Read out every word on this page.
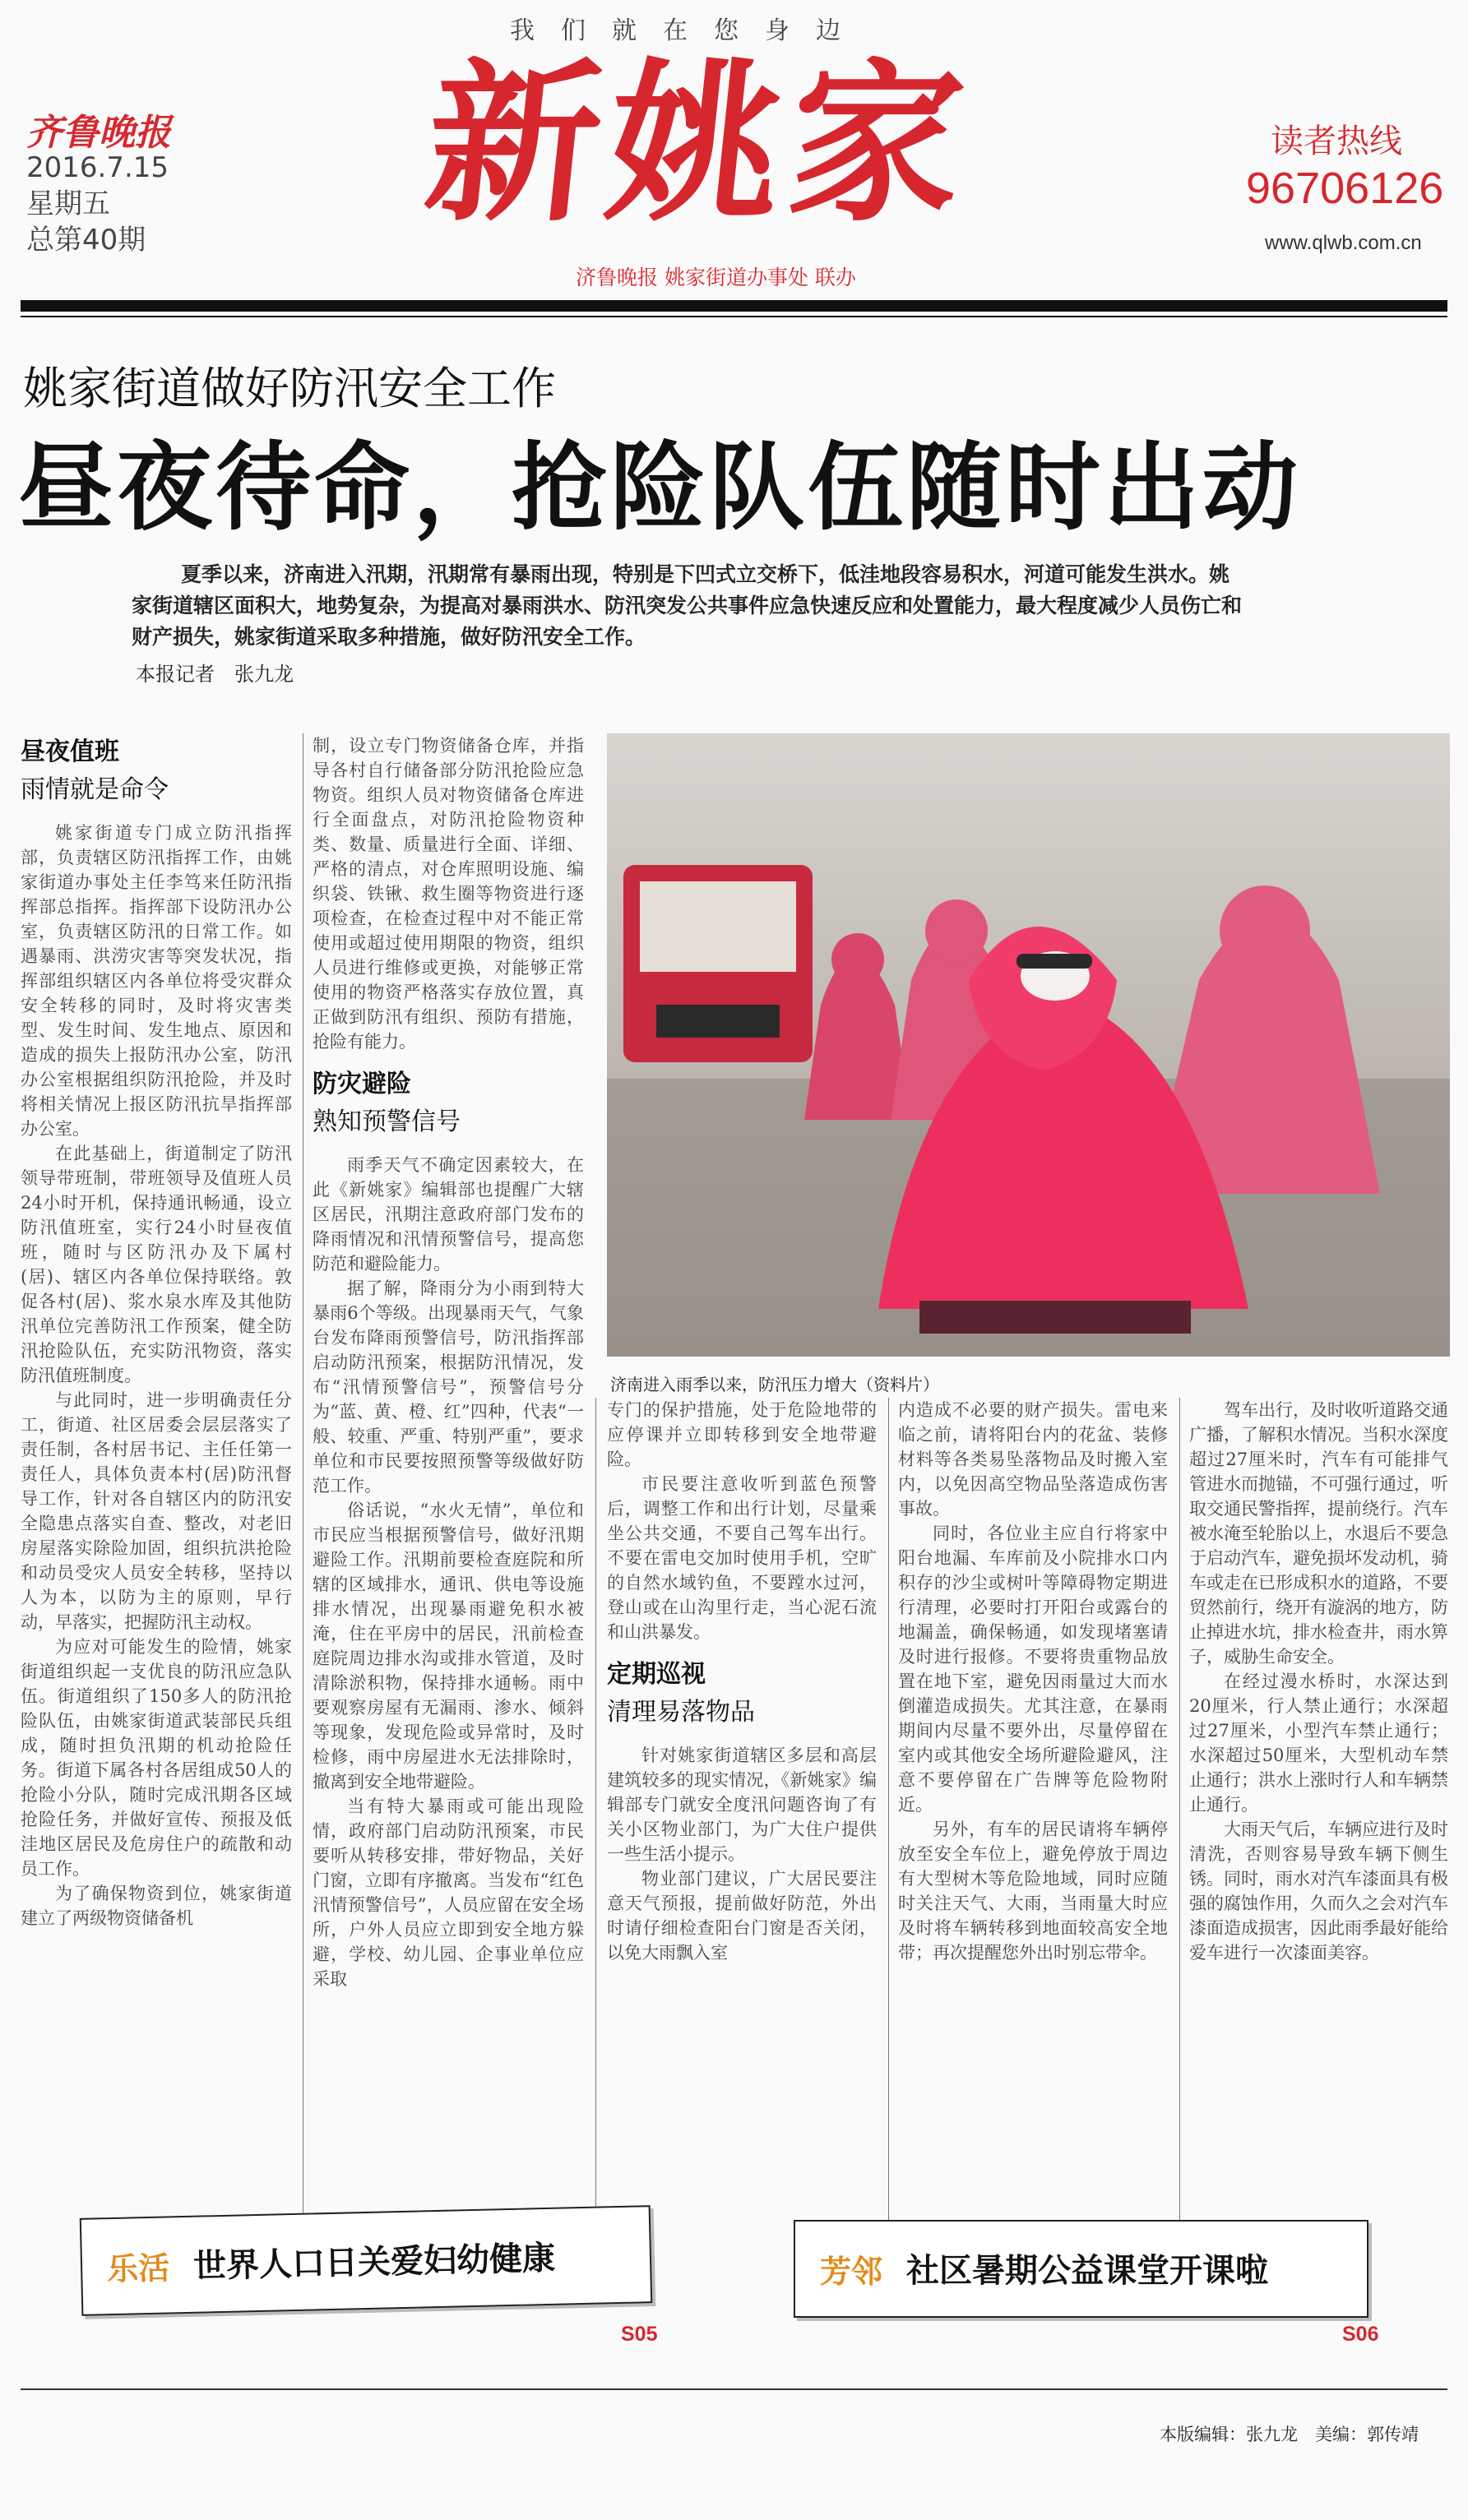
我们就在您身边
新姚家
济鲁晚报 姚家街道办事处 联办
齐鲁晚报
2016.7.15
星期五
总第40期
读者热线
96706126
www.qlwb.com.cn
姚家街道做好防汛安全工作
昼夜待命，抢险队伍随时出动
夏季以来，济南进入汛期，汛期常有暴雨出现，特别是下凹式立交桥下，低洼地段容易积水，河道可能发生洪水。姚家街道辖区面积大，地势复杂，为提高对暴雨洪水、防汛突发公共事件应急快速反应和处置能力，最大程度减少人员伤亡和财产损失，姚家街道采取多种措施，做好防汛安全工作。
本报记者　张九龙
昼夜值班
雨情就是命令

姚家街道专门成立防汛指挥部，负责辖区防汛指挥工作，由姚家街道办事处主任李笃来任防汛指挥部总指挥。指挥部下设防汛办公室，负责辖区防汛的日常工作。如遇暴雨、洪涝灾害等突发状况，指挥部组织辖区内各单位将受灾群众安全转移的同时，及时将灾害类型、发生时间、发生地点、原因和造成的损失上报防汛办公室，防汛办公室根据组织防汛抢险，并及时将相关情况上报区防汛抗旱指挥部办公室。

在此基础上，街道制定了防汛领导带班制，带班领导及值班人员24小时开机，保持通讯畅通，设立防汛值班室，实行24小时昼夜值班，随时与区防汛办及下属村(居)、辖区内各单位保持联络。敦促各村(居)、浆水泉水库及其他防汛单位完善防汛工作预案，健全防汛抢险队伍，充实防汛物资，落实防汛值班制度。

与此同时，进一步明确责任分工，街道、社区居委会层层落实了责任制，各村居书记、主任任第一责任人，具体负责本村(居)防汛督导工作，针对各自辖区内的防汛安全隐患点落实自查、整改，对老旧房屋落实除险加固，组织抗洪抢险和动员受灾人员安全转移，坚持以人为本，以防为主的原则，早行动，早落实，把握防汛主动权。

为应对可能发生的险情，姚家街道组织起一支优良的防汛应急队伍。街道组织了150多人的防汛抢险队伍，由姚家街道武装部民兵组成，随时担负汛期的机动抢险任务。街道下属各村各居组成50人的抢险小分队，随时完成汛期各区域抢险任务，并做好宣传、预报及低洼地区居民及危房住户的疏散和动员工作。

为了确保物资到位，姚家街道建立了两级物资储备机

制，设立专门物资储备仓库，并指导各村自行储备部分防汛抢险应急物资。组织人员对物资储备仓库进行全面盘点，对防汛抢险物资种类、数量、质量进行全面、详细、严格的清点，对仓库照明设施、编织袋、铁锹、救生圈等物资进行逐项检查，在检查过程中对不能正常使用或超过使用期限的物资，组织人员进行维修或更换，对能够正常使用的物资严格落实存放位置，真正做到防汛有组织、预防有措施，抢险有能力。

防灾避险
熟知预警信号

雨季天气不确定因素较大，在此《新姚家》编辑部也提醒广大辖区居民，汛期注意政府部门发布的降雨情况和汛情预警信号，提高您防范和避险能力。

据了解，降雨分为小雨到特大暴雨6个等级。出现暴雨天气，气象台发布降雨预警信号，防汛指挥部启动防汛预案，根据防汛情况，发布“汛情预警信号”，预警信号分为“蓝、黄、橙、红”四种，代表“一般、较重、严重、特别严重”，要求单位和市民要按照预警等级做好防范工作。

俗话说，“水火无情”，单位和市民应当根据预警信号，做好汛期避险工作。汛期前要检查庭院和所辖的区域排水，通讯、供电等设施排水情况，出现暴雨避免积水被淹，住在平房中的居民，汛前检查庭院周边排水沟或排水管道，及时清除淤积物，保持排水通畅。雨中要观察房屋有无漏雨、渗水、倾斜等现象，发现危险或异常时，及时检修，雨中房屋进水无法排除时，撤离到安全地带避险。

当有特大暴雨或可能出现险情，政府部门启动防汛预案，市民要听从转移安排，带好物品，关好门窗，立即有序撤离。当发布“红色汛情预警信号”，人员应留在安全场所，户外人员应立即到安全地方躲避，学校、幼儿园、企事业单位应采取

济南进入雨季以来，防汛压力增大（资料片）

专门的保护措施，处于危险地带的应停课并立即转移到安全地带避险。

市民要注意收听到蓝色预警后，调整工作和出行计划，尽量乘坐公共交通，不要自己驾车出行。不要在雷电交加时使用手机，空旷的自然水域钓鱼，不要蹚水过河，登山或在山沟里行走，当心泥石流和山洪暴发。

定期巡视
清理易落物品

针对姚家街道辖区多层和高层建筑较多的现实情况，《新姚家》编辑部专门就安全度汛问题咨询了有关小区物业部门，为广大住户提供一些生活小提示。

物业部门建议，广大居民要注意天气预报，提前做好防范，外出时请仔细检查阳台门窗是否关闭，以免大雨飘入室

内造成不必要的财产损失。雷电来临之前，请将阳台内的花盆、装修材料等各类易坠落物品及时搬入室内，以免因高空物品坠落造成伤害事故。

同时，各位业主应自行将家中阳台地漏、车库前及小院排水口内积存的沙尘或树叶等障碍物定期进行清理，必要时打开阳台或露台的地漏盖，确保畅通，如发现堵塞请及时进行报修。不要将贵重物品放置在地下室，避免因雨量过大而水倒灌造成损失。尤其注意，在暴雨期间内尽量不要外出，尽量停留在室内或其他安全场所避险避风，注意不要停留在广告牌等危险物附近。

另外，有车的居民请将车辆停放至安全车位上，避免停放于周边有大型树木等危险地域，同时应随时关注天气、大雨，当雨量大时应及时将车辆转移到地面较高安全地带；再次提醒您外出时别忘带伞。

驾车出行，及时收听道路交通广播，了解积水情况。当积水深度超过27厘米时，汽车有可能排气管进水而抛锚，不可强行通过，听取交通民警指挥，提前绕行。汽车被水淹至轮胎以上，水退后不要急于启动汽车，避免损坏发动机，骑车或走在已形成积水的道路，不要贸然前行，绕开有漩涡的地方，防止掉进水坑，排水检查井，雨水箅子，威胁生命安全。

在经过漫水桥时，水深达到20厘米，行人禁止通行；水深超过27厘米，小型汽车禁止通行；水深超过50厘米，大型机动车禁止通行；洪水上涨时行人和车辆禁止通行。

大雨天气后，车辆应进行及时清洗，否则容易导致车辆下侧生锈。同时，雨水对汽车漆面具有极强的腐蚀作用，久而久之会对汽车漆面造成损害，因此雨季最好能给爱车进行一次漆面美容。

乐活 世界人口日关爱妇幼健康
S05
芳邻 社区暑期公益课堂开课啦
S06
本版编辑：张九龙　美编：郭传靖
